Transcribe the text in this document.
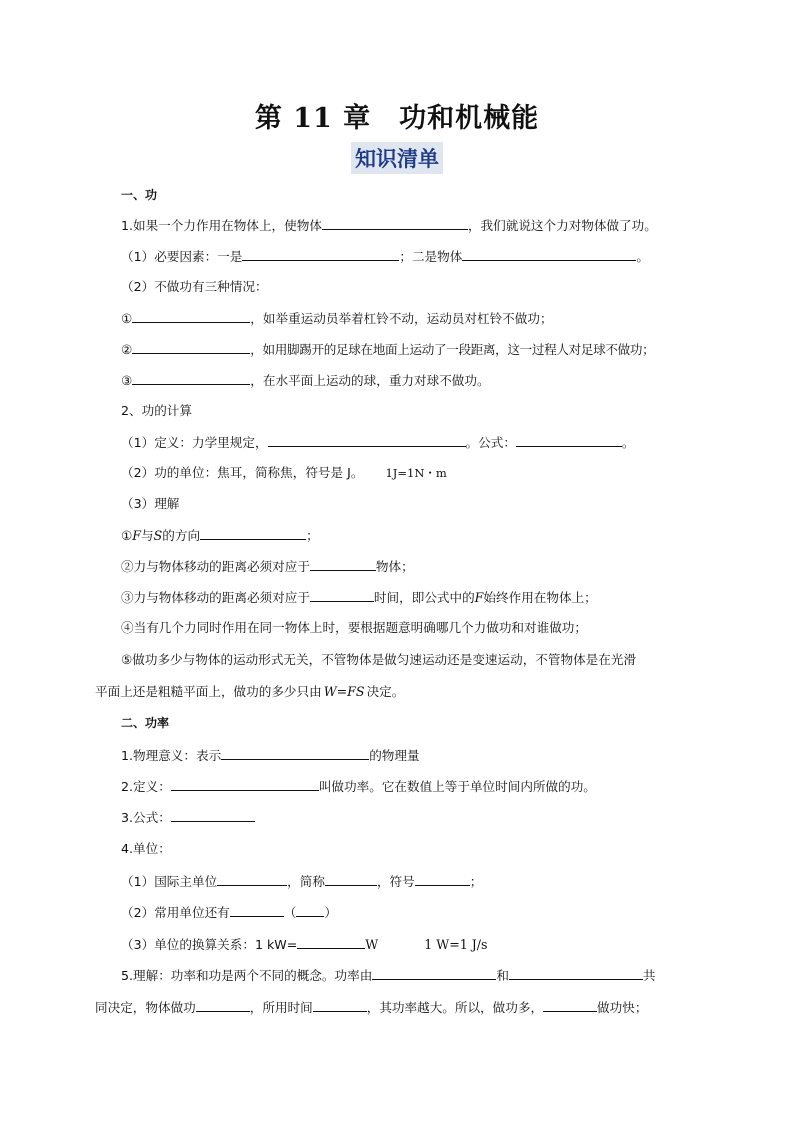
第 11 章　功和机械能
知识清单
一、功
1.如果一个力作用在物体上，使物体	，我们就说这个力对物体做了功。
（1）必要因素：一是	；二是物体	。
（2）不做功有三种情况：
①	，如举重运动员举着杠铃不动，运动员对杠铃不做功；
②	，如用脚踢开的足球在地面上运动了一段距离，这一过程人对足球不做功；
③	，在水平面上运动的球，重力对球不做功。
2、功的计算
（1）定义：力学里规定，	。公式：	。
（2）功的单位：焦耳，简称焦，符号是 J。 1J=1N・m
（3）理解
①F与S的方向	；
②力与物体移动的距离必须对应于	物体；
③力与物体移动的距离必须对应于	时间，即公式中的F始终作用在物体上；
④当有几个力同时作用在同一物体上时，要根据题意明确哪几个力做功和对谁做功；
⑤做功多少与物体的运动形式无关，不管物体是做匀速运动还是变速运动，不管物体是在光滑
平面上还是粗糙平面上，做功的多少只由 W=FS 决定。
二、功率
1.物理意义：表示	的物理量
2.定义：	叫做功率。它在数值上等于单位时间内所做的功。
3.公式：
4.单位：
（1）国际主单位	，简称	，符号	；
（2）常用单位还有	（ ）
（3）单位的换算关系：1 kW=	W	1 W=1 J/s
5.理解：功率和功是两个不同的概念。功率由	和	共
同决定，物体做功	，所用时间	，其功率越大。所以，做功多，	做功快；
